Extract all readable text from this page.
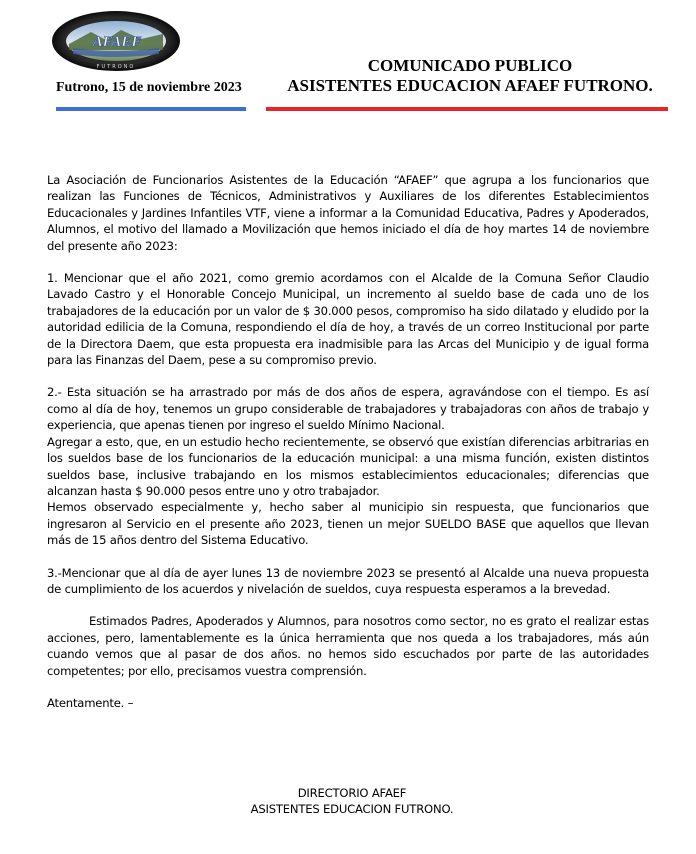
AFAEF
FUTRONO
Futrono, 15 de noviembre 2023
COMUNICADO PUBLICO
ASISTENTES EDUCACION AFAEF FUTRONO.

La Asociación de Funcionarios Asistentes de la Educación “AFAEF” que agrupa a los funcionarios que realizan las Funciones de Técnicos, Administrativos y Auxiliares de los diferentes Establecimientos Educacionales y Jardines Infantiles VTF, viene a informar a la Comunidad Educativa, Padres y Apoderados, Alumnos, el motivo del llamado a Movilización que hemos iniciado el día de hoy martes 14 de noviembre del presente año 2023:

1. Mencionar que el año 2021, como gremio acordamos con el Alcalde de la Comuna Señor Claudio Lavado Castro y el Honorable Concejo Municipal, un incremento al sueldo base de cada uno de los trabajadores de la educación por un valor de $ 30.000 pesos, compromiso ha sido dilatado y eludido por la autoridad edilicia de la Comuna, respondiendo el día de hoy, a través de un correo Institucional por parte de la Directora Daem, que esta propuesta era inadmisible para las Arcas del Municipio y de igual forma para las Finanzas del Daem, pese a su compromiso previo.

2.- Esta situación se ha arrastrado por más de dos años de espera, agravándose con el tiempo. Es así como al día de hoy, tenemos un grupo considerable de trabajadores y trabajadoras con años de trabajo y experiencia, que apenas tienen por ingreso el sueldo Mínimo Nacional.

Agregar a esto, que, en un estudio hecho recientemente, se observó que existían diferencias arbitrarias en los sueldos base de los funcionarios de la educación municipal: a una misma función, existen distintos sueldos base, inclusive trabajando en los mismos establecimientos educacionales; diferencias que alcanzan hasta $ 90.000 pesos entre uno y otro trabajador.

Hemos observado especialmente y, hecho saber al municipio sin respuesta, que funcionarios que ingresaron al Servicio en el presente año 2023, tienen un mejor SUELDO BASE que aquellos que llevan más de 15 años dentro del Sistema Educativo.

3.-Mencionar que al día de ayer lunes 13 de noviembre 2023 se presentó al Alcalde una nueva propuesta de cumplimiento de los acuerdos y nivelación de sueldos, cuya respuesta esperamos a la brevedad.

Estimados Padres, Apoderados y Alumnos, para nosotros como sector, no es grato el realizar estas acciones, pero, lamentablemente es la única herramienta que nos queda a los trabajadores, más aún cuando vemos que al pasar de dos años. no hemos sido escuchados por parte de las autoridades competentes; por ello, precisamos vuestra comprensión.

Atentamente. –

DIRECTORIO AFAEF
ASISTENTES EDUCACION FUTRONO.
